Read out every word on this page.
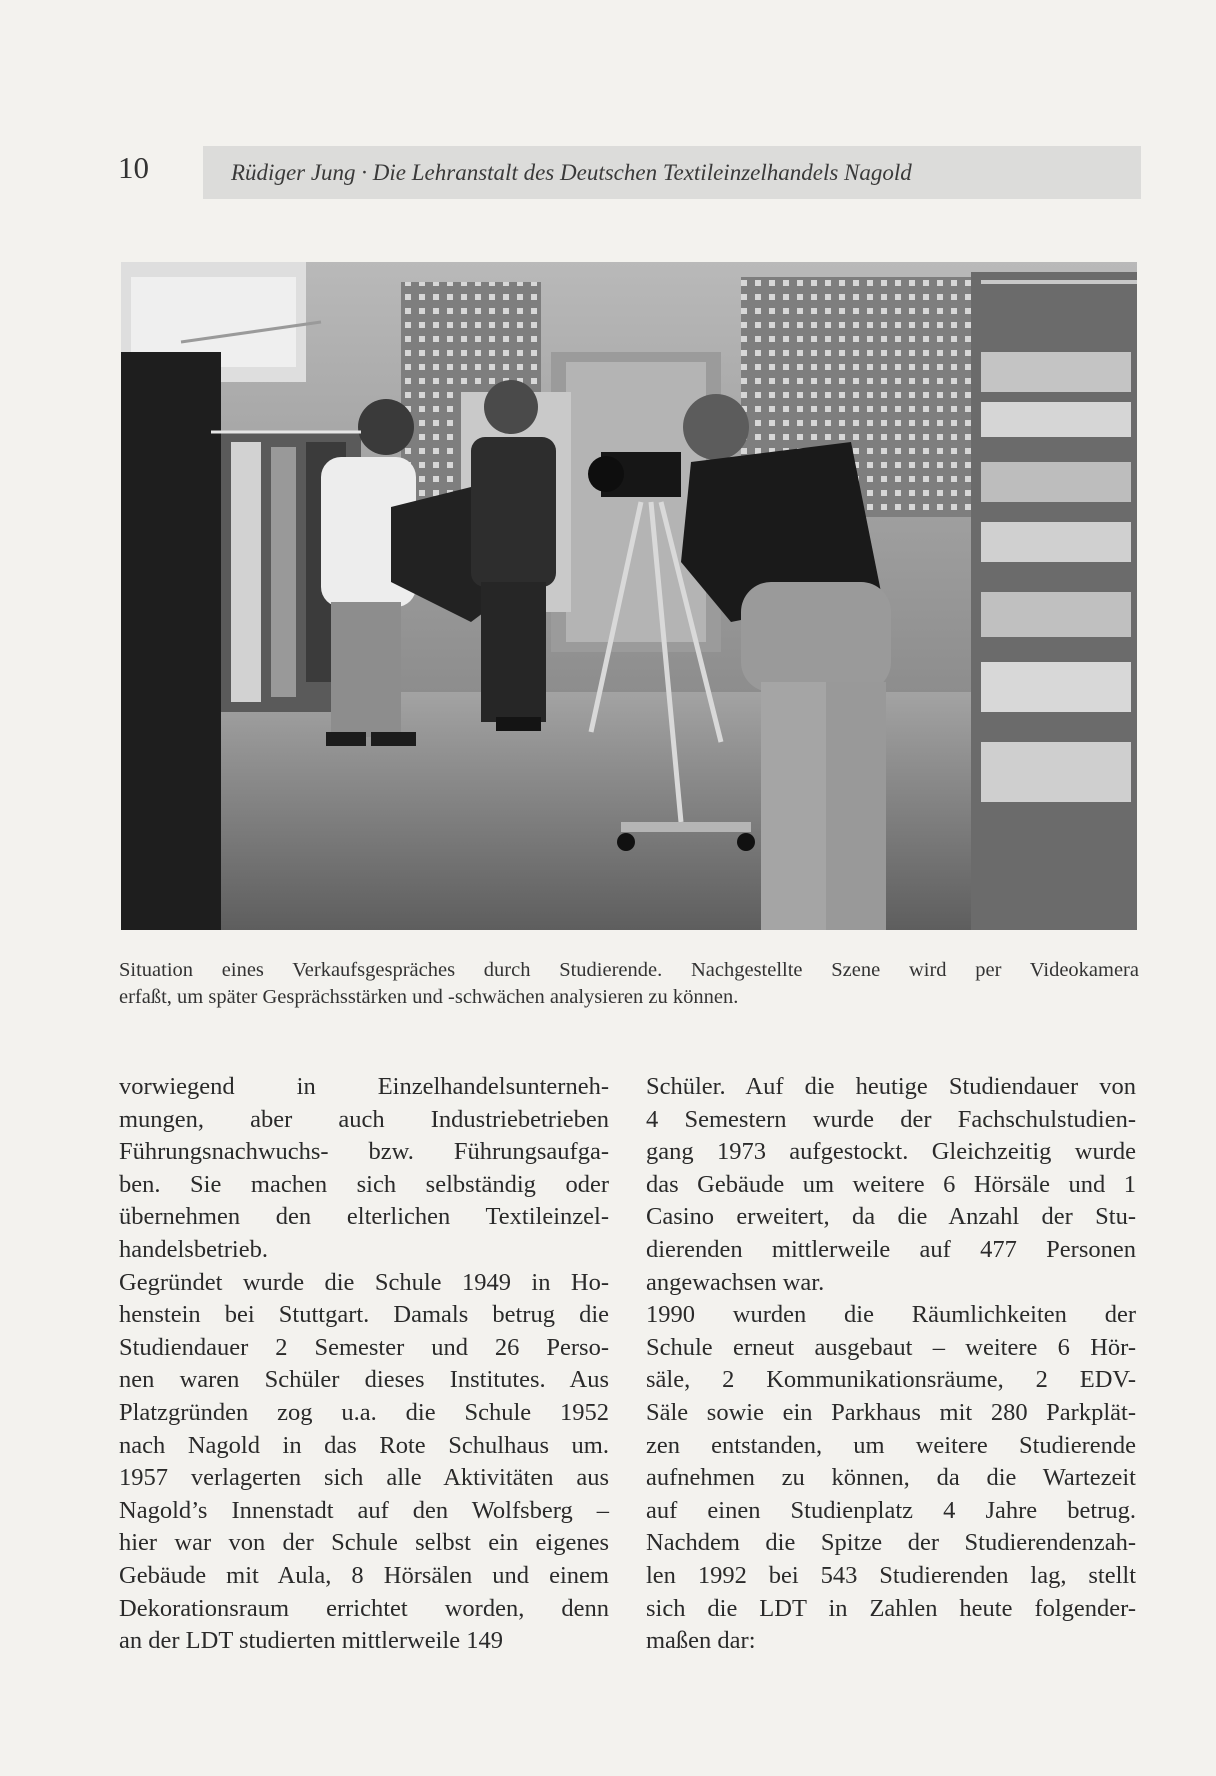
10	Rüdiger Jung · Die Lehranstalt des Deutschen Textileinzelhandels Nagold
Situation eines Verkaufsgespräches durch Studierende. Nachgestellte Szene wird per Videokamera
erfaßt, um später Gesprächsstärken und -schwächen analysieren zu können.
vorwiegend in Einzelhandelsunterneh-
mungen, aber auch Industriebetrieben
Führungsnachwuchs- bzw. Führungsaufga-
ben. Sie machen sich selbständig oder
übernehmen den elterlichen Textileinzel-
handelsbetrieb.
Gegründet wurde die Schule 1949 in Ho-
henstein bei Stuttgart. Damals betrug die
Studiendauer 2 Semester und 26 Perso-
nen waren Schüler dieses Institutes. Aus
Platzgründen zog u.a. die Schule 1952
nach Nagold in das Rote Schulhaus um.
1957 verlagerten sich alle Aktivitäten aus
Nagold’s Innenstadt auf den Wolfsberg –
hier war von der Schule selbst ein eigenes
Gebäude mit Aula, 8 Hörsälen und einem
Dekorationsraum errichtet worden, denn
an der LDT studierten mittlerweile 149
Schüler. Auf die heutige Studiendauer von
4 Semestern wurde der Fachschulstudien-
gang 1973 aufgestockt. Gleichzeitig wurde
das Gebäude um weitere 6 Hörsäle und 1
Casino erweitert, da die Anzahl der Stu-
dierenden mittlerweile auf 477 Personen
angewachsen war.
1990 wurden die Räumlichkeiten der
Schule erneut ausgebaut – weitere 6 Hör-
säle, 2 Kommunikationsräume, 2 EDV-
Säle sowie ein Parkhaus mit 280 Parkplät-
zen entstanden, um weitere Studierende
aufnehmen zu können, da die Wartezeit
auf einen Studienplatz 4 Jahre betrug.
Nachdem die Spitze der Studierendenzah-
len 1992 bei 543 Studierenden lag, stellt
sich die LDT in Zahlen heute folgender-
maßen dar:
